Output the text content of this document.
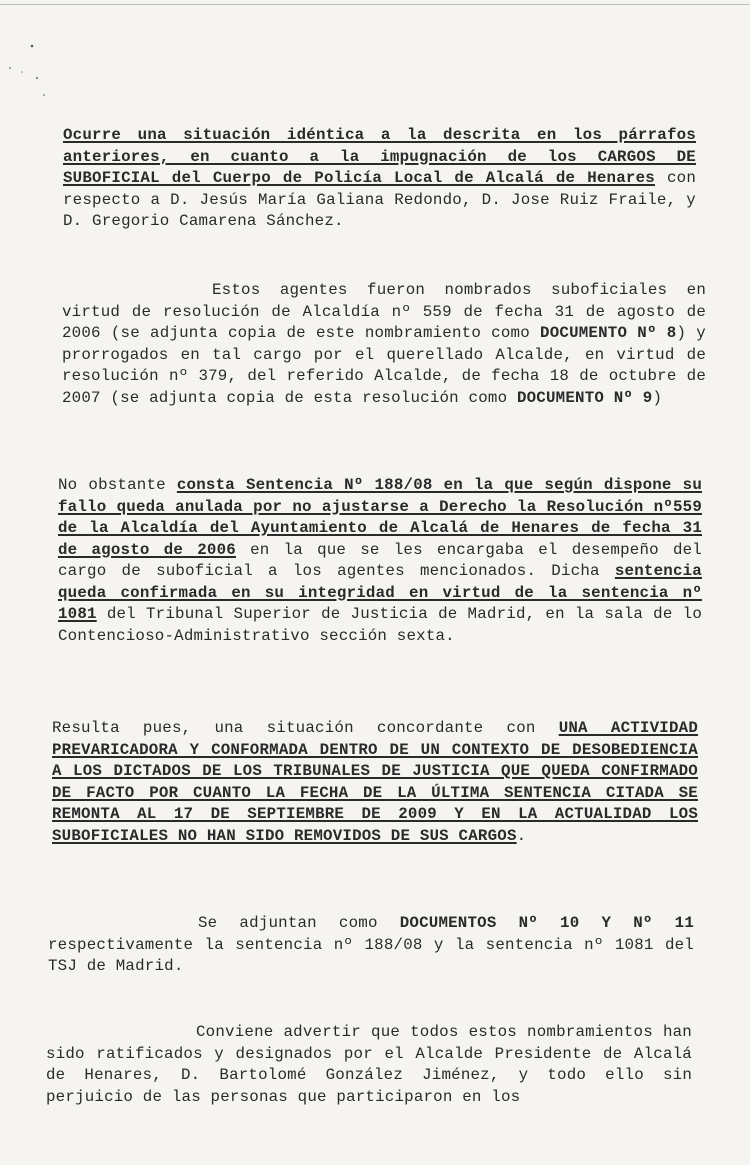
Ocurre una situación idéntica a la descrita en los párrafos anteriores, en cuanto a la impugnación de los CARGOS DE SUBOFICIAL del Cuerpo de Policía Local de Alcalá de Henares con respecto a D. Jesús María Galiana Redondo, D. Jose Ruiz Fraile, y D. Gregorio Camarena Sánchez.

Estos agentes fueron nombrados suboficiales en virtud de resolución de Alcaldía nº 559 de fecha 31 de agosto de 2006 (se adjunta copia de este nombramiento como DOCUMENTO Nº 8) y prorrogados en tal cargo por el querellado Alcalde, en virtud de resolución nº 379, del referido Alcalde, de fecha 18 de octubre de 2007 (se adjunta copia de esta resolución como DOCUMENTO Nº 9)

No obstante consta Sentencia Nº 188/08 en la que según dispone su fallo queda anulada por no ajustarse a Derecho la Resolución nº559 de la Alcaldía del Ayuntamiento de Alcalá de Henares de fecha 31 de agosto de 2006 en la que se les encargaba el desempeño del cargo de suboficial a los agentes mencionados. Dicha sentencia queda confirmada en su integridad en virtud de la sentencia nº 1081 del Tribunal Superior de Justicia de Madrid, en la sala de lo Contencioso-Administrativo sección sexta.

Resulta pues, una situación concordante con UNA ACTIVIDAD PREVARICADORA Y CONFORMADA DENTRO DE UN CONTEXTO DE DESOBEDIENCIA A LOS DICTADOS DE LOS TRIBUNALES DE JUSTICIA QUE QUEDA CONFIRMADO DE FACTO POR CUANTO LA FECHA DE LA ÚLTIMA SENTENCIA CITADA SE REMONTA AL 17 DE SEPTIEMBRE DE 2009 Y EN LA ACTUALIDAD LOS SUBOFICIALES NO HAN SIDO REMOVIDOS DE SUS CARGOS.

Se adjuntan como DOCUMENTOS Nº 10 Y Nº 11 respectivamente la sentencia nº 188/08 y la sentencia nº 1081 del TSJ de Madrid.

Conviene advertir que todos estos nombramientos han sido ratificados y designados por el Alcalde Presidente de Alcalá de Henares, D. Bartolomé González Jiménez, y todo ello sin perjuicio de las personas que participaron en los
